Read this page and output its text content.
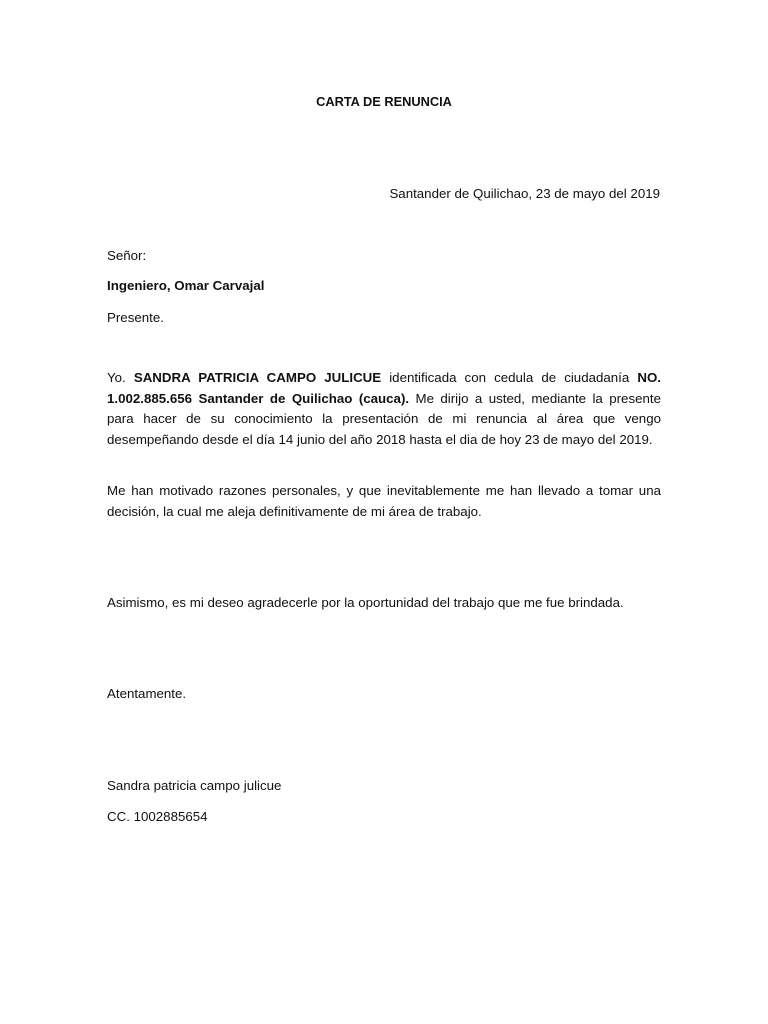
CARTA DE RENUNCIA

Santander de Quilichao, 23 de mayo del 2019

Señor:

Ingeniero, Omar Carvajal

Presente.

Yo. SANDRA PATRICIA CAMPO JULICUE identificada con cedula de ciudadanía NO. 1.002.885.656 Santander de Quilichao (cauca). Me dirijo a usted, mediante la presente para hacer de su conocimiento la presentación de mi renuncia al área que vengo desempeñando desde el día 14 junio del año 2018 hasta el dia de hoy 23 de mayo del 2019.

Me han motivado razones personales, y que inevitablemente me han llevado a tomar una decisión, la cual me aleja definitivamente de mi área de trabajo.

Asimismo, es mi deseo agradecerle por la oportunidad del trabajo que me fue brindada.

Atentamente.

Sandra patricia campo julicue

CC. 1002885654
